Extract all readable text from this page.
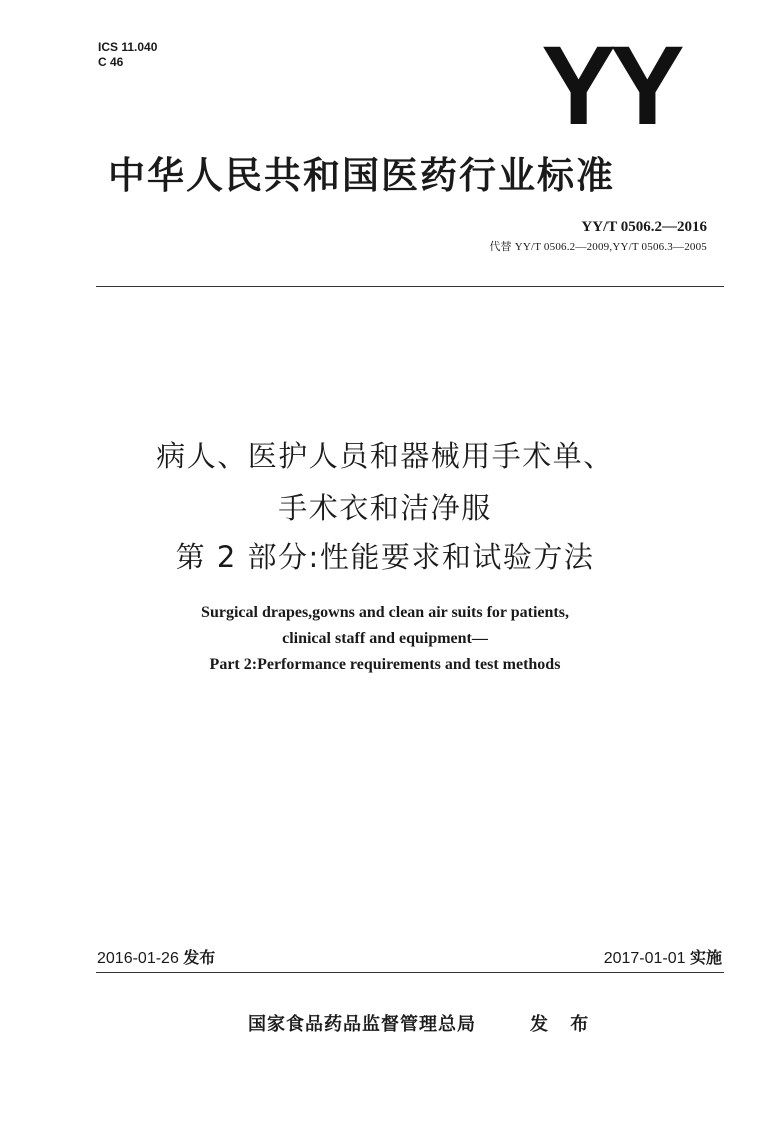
ICS 11.040
C 46	YY
中华人民共和国医药行业标准
YY/T 0506.2—2016
代替 YY/T 0506.2—2009,YY/T 0506.3—2005
病人、医护人员和器械用手术单、
手术衣和洁净服
第 2 部分:性能要求和试验方法
Surgical drapes,gowns and clean air suits for patients,
clinical staff and equipment—
Part 2:Performance requirements and test methods
2016-01-26 发布	2017-01-01 实施
国家食品药品监督管理总局	发 布
